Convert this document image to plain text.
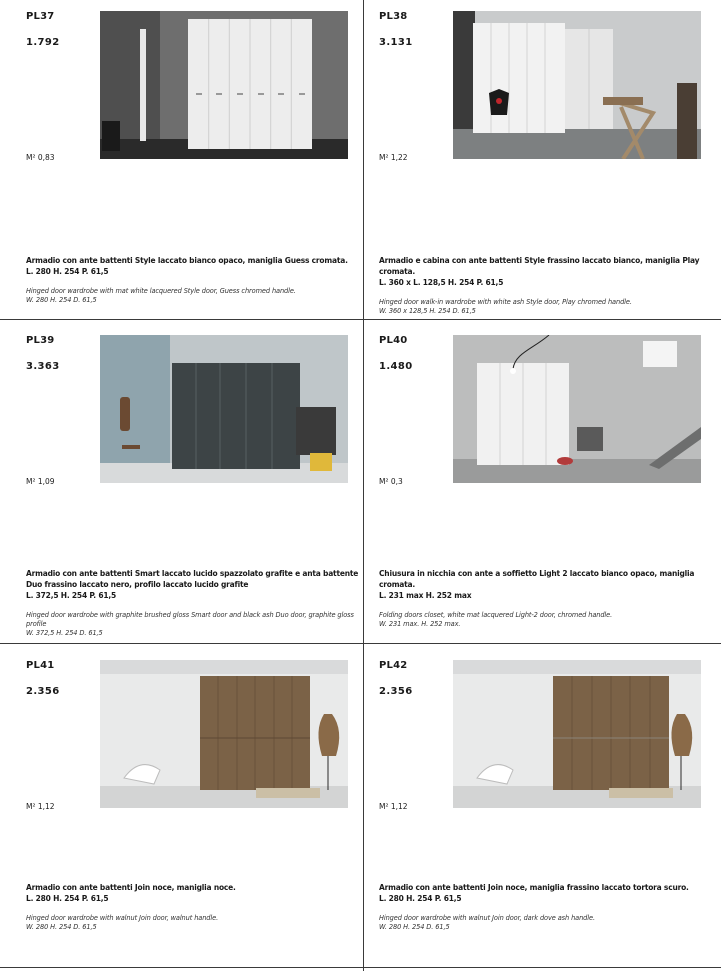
PL37
1.792
M² 0,83
Armadio con ante battenti Style laccato bianco opaco, maniglia Guess cromata.
L. 280 H. 254 P. 61,5
Hinged door wardrobe with mat white lacquered Style door, Guess chromed handle.
W. 280 H. 254 D. 61,5
PL38
3.131
M² 1,22
Armadio e cabina con ante battenti Style frassino laccato bianco, maniglia Play cromata.
L. 360 x L. 128,5 H. 254 P. 61,5
Hinged door walk-in wardrobe with white ash Style door, Play chromed handle.
W. 360 x 128,5 H. 254 D. 61,5
PL39
3.363
M² 1,09
Armadio con ante battenti Smart laccato lucido spazzolato grafite e anta battente Duo frassino laccato nero, profilo laccato lucido grafite
L. 372,5 H. 254 P. 61,5
Hinged door wardrobe with graphite brushed gloss Smart door and black ash Duo door, graphite gloss profile
W. 372,5 H. 254 D. 61,5
PL40
1.480
M² 0,3
Chiusura in nicchia con ante a soffietto Light 2 laccato bianco opaco, maniglia cromata.
L. 231 max H. 252 max
Folding doors closet, white mat lacquered Light-2 door, chromed handle.
W. 231 max. H. 252 max.
PL41
2.356
M² 1,12
Armadio con ante battenti Join noce, maniglia noce.
L. 280 H. 254 P. 61,5
Hinged door wardrobe with walnut Join door, walnut handle.
W. 280 H. 254 D. 61,5
PL42
2.356
M² 1,12
Armadio con ante battenti Join noce, maniglia frassino laccato tortora scuro.
L. 280 H. 254 P. 61,5
Hinged door wardrobe with walnut Join door, dark dove ash handle.
W. 280 H. 254 D. 61,5
